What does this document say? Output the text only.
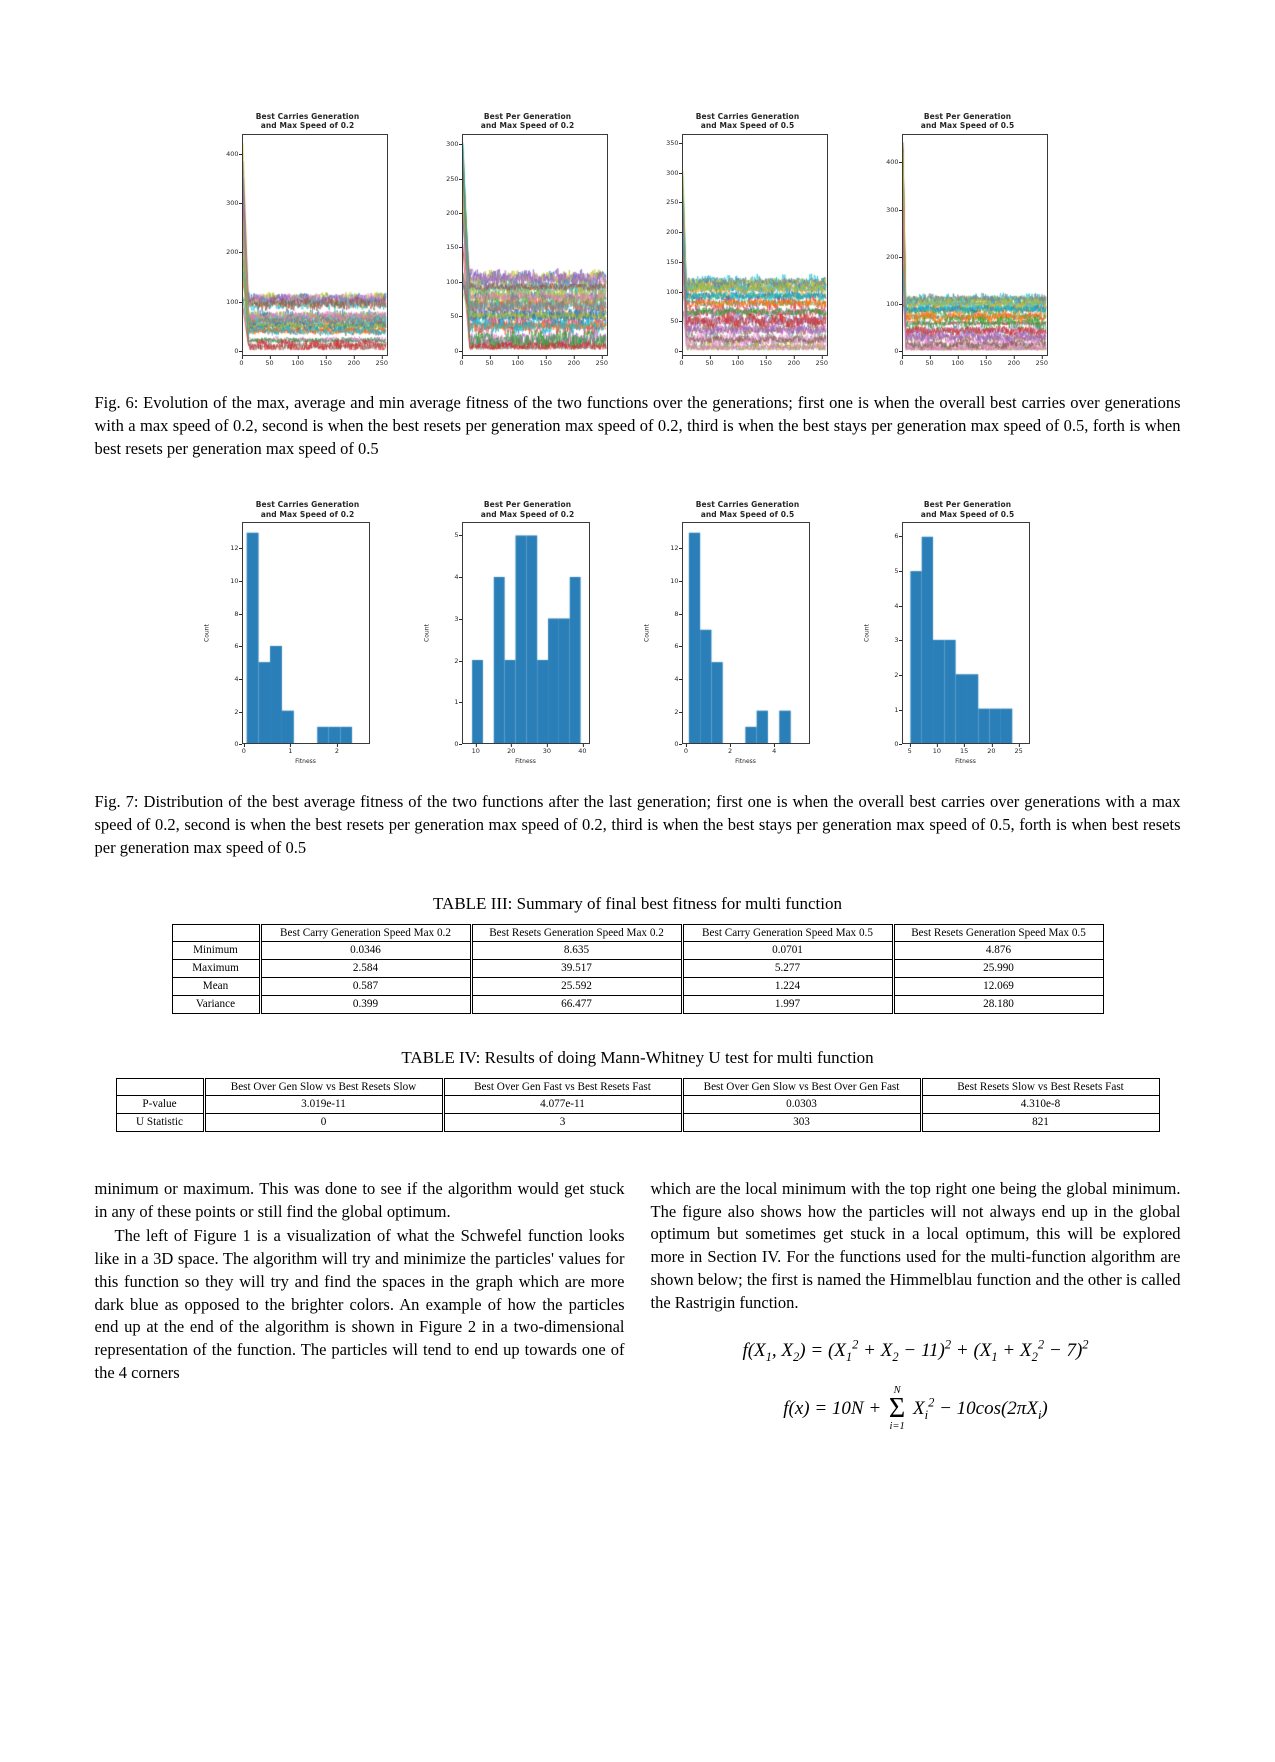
Best Carries Generation
and Max Speed of 0.2
0
100
200
300
400
0	50	100 150 200 250
Best Per Generation
and Max Speed of 0.2
0
50
100
150
200
250
300
0	50	100 150 200 250
Best Carries Generation
and Max Speed of 0.5
0
50
100
150
200
250
300
350
0	50	100 150 200 250
Best Per Generation
and Max Speed of 0.5
0
100
200
300
400
0	50	100 150 200 250
Fig. 6: Evolution of the max, average and min average fitness of the two functions over the generations; first one is when the overall best carries over generations with a max speed of 0.2, second is when the best resets per generation max speed of 0.2, third is when the best stays per generation max speed of 0.5, forth is when best resets per generation max speed of 0.5
Best Carries Generation
and Max Speed of 0.2
Count
0
2
4
6
8
10
12
0	1	2
Fitness
Best Per Generation
and Max Speed of 0.2
Count
0
1
2
3
4
5
10	20	30	40
Fitness
Best Carries Generation
and Max Speed of 0.5
Count
0
2
4
6
8
10
12
0	2	4
Fitness
Best Per Generation
and Max Speed of 0.5
Count
0
1
2
3
4
5
6
5	10	15	20	25
Fitness
Fig. 7: Distribution of the best average fitness of the two functions after the last generation; first one is when the overall best carries over generations with a max speed of 0.2, second is when the best resets per generation max speed of 0.2, third is when the best stays per generation max speed of 0.5, forth is when best resets per generation max speed of 0.5
TABLE III: Summary of final best fitness for multi function
	Best Carry Generation Speed Max 0.2	Best Resets Generation Speed Max 0.2	Best Carry Generation Speed Max 0.5	Best Resets Generation Speed Max 0.5
Minimum	0.0346	8.635	0.0701	4.876
Maximum	2.584	39.517	5.277	25.990
Mean	0.587	25.592	1.224	12.069
Variance	0.399	66.477	1.997	28.180
TABLE IV: Results of doing Mann-Whitney U test for multi function
	Best Over Gen Slow vs Best Resets Slow	Best Over Gen Fast vs Best Resets Fast	Best Over Gen Slow vs Best Over Gen Fast	Best Resets Slow vs Best Resets Fast
P-value	3.019e-11	4.077e-11	0.0303	4.310e-8
U Statistic	0	3	303	821

minimum or maximum. This was done to see if the algorithm would get stuck in any of these points or still find the global optimum.

The left of Figure 1 is a visualization of what the Schwefel function looks like in a 3D space. The algorithm will try and minimize the particles' values for this function so they will try and find the spaces in the graph which are more dark blue as opposed to the brighter colors. An example of how the particles end up at the end of the algorithm is shown in Figure 2 in a two-dimensional representation of the function. The particles will tend to end up towards one of the 4 corners

which are the local minimum with the top right one being the global minimum. The figure also shows how the particles will not always end up in the global optimum but sometimes get stuck in a local optimum, this will be explored more in Section IV. For the functions used for the multi-function algorithm are shown below; the first is named the Himmelblau function and the other is called the Rastrigin function.

$f(X_1$, $X_2) = (X_1^2 + X_2 - 11)^2 + (X_1 + X_2^2 - 7)^2$
f(x) = 10N +
N
Σ
i=1
$X_i^2 - 10\cos(2\pi X_i)$
